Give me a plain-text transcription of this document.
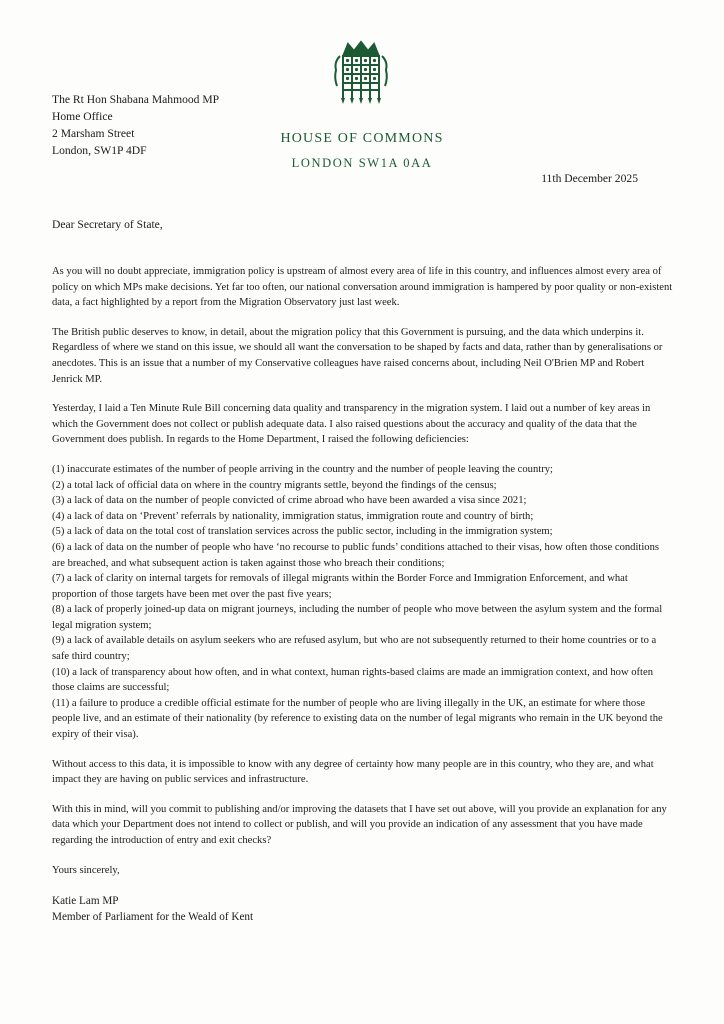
The Rt Hon Shabana Mahmood MP
Home Office
2 Marsham Street
London, SW1P 4DF
HOUSE OF COMMONS
LONDON SW1A 0AA
11th December 2025
Dear Secretary of State,

As you will no doubt appreciate, immigration policy is upstream of almost every area of life in this country, and influences almost every area of policy on which MPs make decisions. Yet far too often, our national conversation around immigration is hampered by poor quality or non-existent data, a fact highlighted by a report from the Migration Observatory just last week.

The British public deserves to know, in detail, about the migration policy that this Government is pursuing, and the data which underpins it. Regardless of where we stand on this issue, we should all want the conversation to be shaped by facts and data, rather than by generalisations or anecdotes. This is an issue that a number of my Conservative colleagues have raised concerns about, including Neil O'Brien MP and Robert Jenrick MP.

Yesterday, I laid a Ten Minute Rule Bill concerning data quality and transparency in the migration system. I laid out a number of key areas in which the Government does not collect or publish adequate data. I also raised questions about the accuracy and quality of the data that the Government does publish. In regards to the Home Department, I raised the following deficiencies:

(1) inaccurate estimates of the number of people arriving in the country and the number of people leaving the country;
(2) a total lack of official data on where in the country migrants settle, beyond the findings of the census;
(3) a lack of data on the number of people convicted of crime abroad who have been awarded a visa since 2021;
(4) a lack of data on ‘Prevent’ referrals by nationality, immigration status, immigration route and country of birth;
(5) a lack of data on the total cost of translation services across the public sector, including in the immigration system;
(6) a lack of data on the number of people who have ‘no recourse to public funds’ conditions attached to their visas, how often those conditions are breached, and what subsequent action is taken against those who breach their conditions;
(7) a lack of clarity on internal targets for removals of illegal migrants within the Border Force and Immigration Enforcement, and what proportion of those targets have been met over the past five years;
(8) a lack of properly joined-up data on migrant journeys, including the number of people who move between the asylum system and the formal legal migration system;
(9) a lack of available details on asylum seekers who are refused asylum, but who are not subsequently returned to their home countries or to a safe third country;
(10) a lack of transparency about how often, and in what context, human rights-based claims are made an immigration context, and how often those claims are successful;
(11) a failure to produce a credible official estimate for the number of people who are living illegally in the UK, an estimate for where those people live, and an estimate of their nationality (by reference to existing data on the number of legal migrants who remain in the UK beyond the expiry of their visa).

Without access to this data, it is impossible to know with any degree of certainty how many people are in this country, who they are, and what impact they are having on public services and infrastructure.

With this in mind, will you commit to publishing and/or improving the datasets that I have set out above, will you provide an explanation for any data which your Department does not intend to collect or publish, and will you provide an indication of any assessment that you have made regarding the introduction of entry and exit checks?

Yours sincerely,
Katie Lam MP
Member of Parliament for the Weald of Kent
